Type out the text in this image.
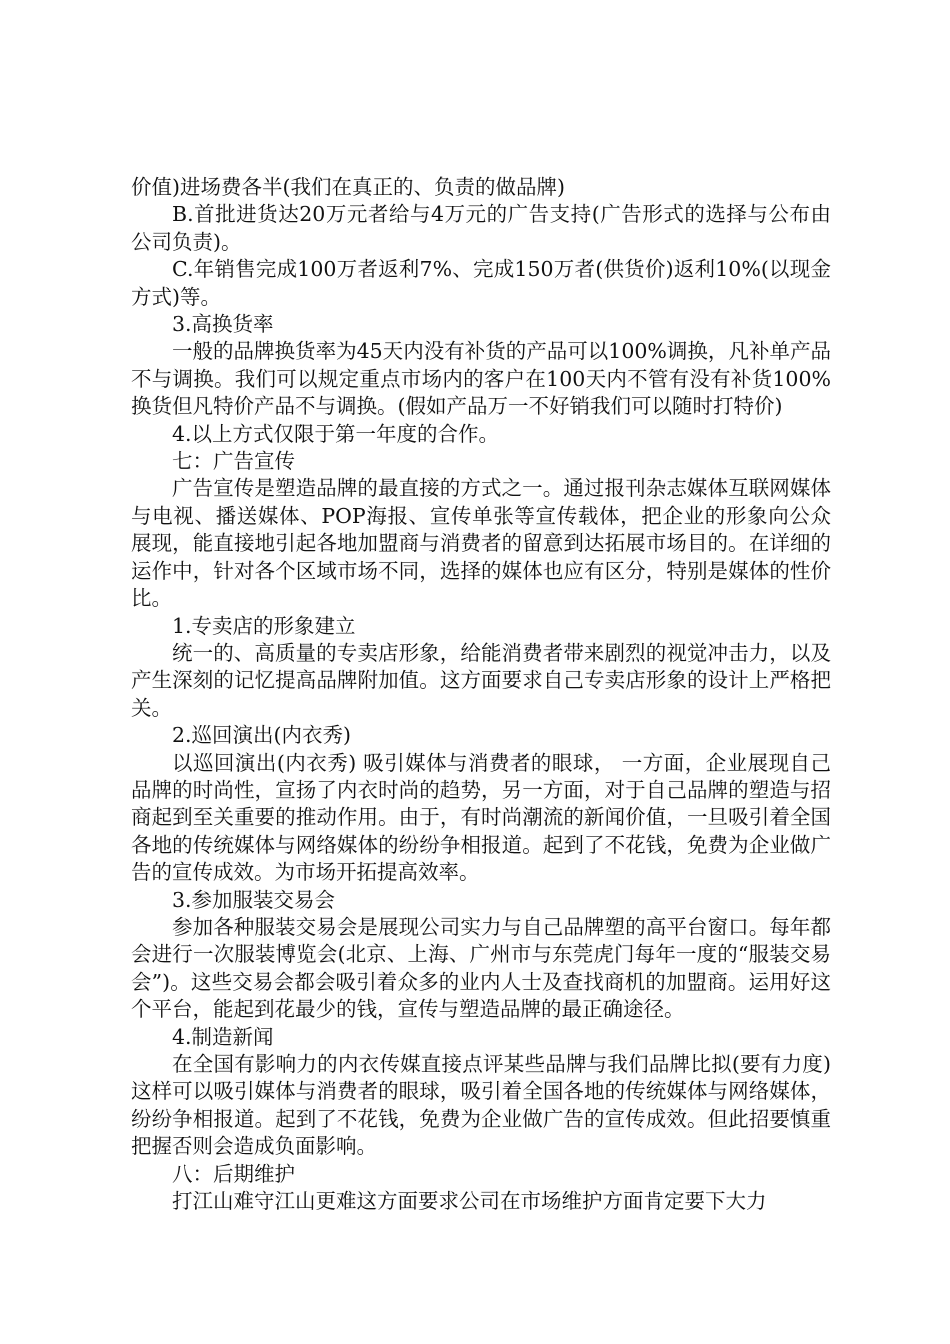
价值)进场费各半(我们在真正的、负责的做品牌)

B.首批进货达20万元者给与4万元的广告支持(广告形式的选择与公布由公司负责)。

C.年销售完成100万者返利7%、完成150万者(供货价)返利10%(以现金方式)等。

3.高换货率

一般的品牌换货率为45天内没有补货的产品可以100%调换，凡补单产品不与调换。我们可以规定重点市场内的客户在100天内不管有没有补货100%换货但凡特价产品不与调换。(假如产品万一不好销我们可以随时打特价)

4.以上方式仅限于第一年度的合作。

七：广告宣传

广告宣传是塑造品牌的最直接的方式之一。通过报刊杂志媒体互联网媒体与电视、播送媒体、POP海报、宣传单张等宣传载体，把企业的形象向公众展现，能直接地引起各地加盟商与消费者的留意到达拓展市场目的。在详细的运作中，针对各个区域市场不同，选择的媒体也应有区分，特别是媒体的性价比。

1.专卖店的形象建立

统一的、高质量的专卖店形象，给能消费者带来剧烈的视觉冲击力，以及产生深刻的记忆提高品牌附加值。这方面要求自己专卖店形象的设计上严格把关。

2.巡回演出(内衣秀)

以巡回演出(内衣秀) 吸引媒体与消费者的眼球， 一方面，企业展现自己品牌的时尚性，宣扬了内衣时尚的趋势，另一方面，对于自己品牌的塑造与招商起到至关重要的推动作用。由于，有时尚潮流的新闻价值，一旦吸引着全国各地的传统媒体与网络媒体的纷纷争相报道。起到了不花钱，免费为企业做广告的宣传成效。为市场开拓提高效率。

3.参加服装交易会

参加各种服装交易会是展现公司实力与自己品牌塑的高平台窗口。每年都会进行一次服装博览会(北京、上海、广州市与东莞虎门每年一度的“服装交易会”)。这些交易会都会吸引着众多的业内人士及查找商机的加盟商。运用好这个平台，能起到花最少的钱，宣传与塑造品牌的最正确途径。

4.制造新闻

在全国有影响力的内衣传媒直接点评某些品牌与我们品牌比拟(要有力度)这样可以吸引媒体与消费者的眼球，吸引着全国各地的传统媒体与网络媒体，纷纷争相报道。起到了不花钱，免费为企业做广告的宣传成效。但此招要慎重把握否则会造成负面影响。

八：后期维护

打江山难守江山更难这方面要求公司在市场维护方面肯定要下大力
